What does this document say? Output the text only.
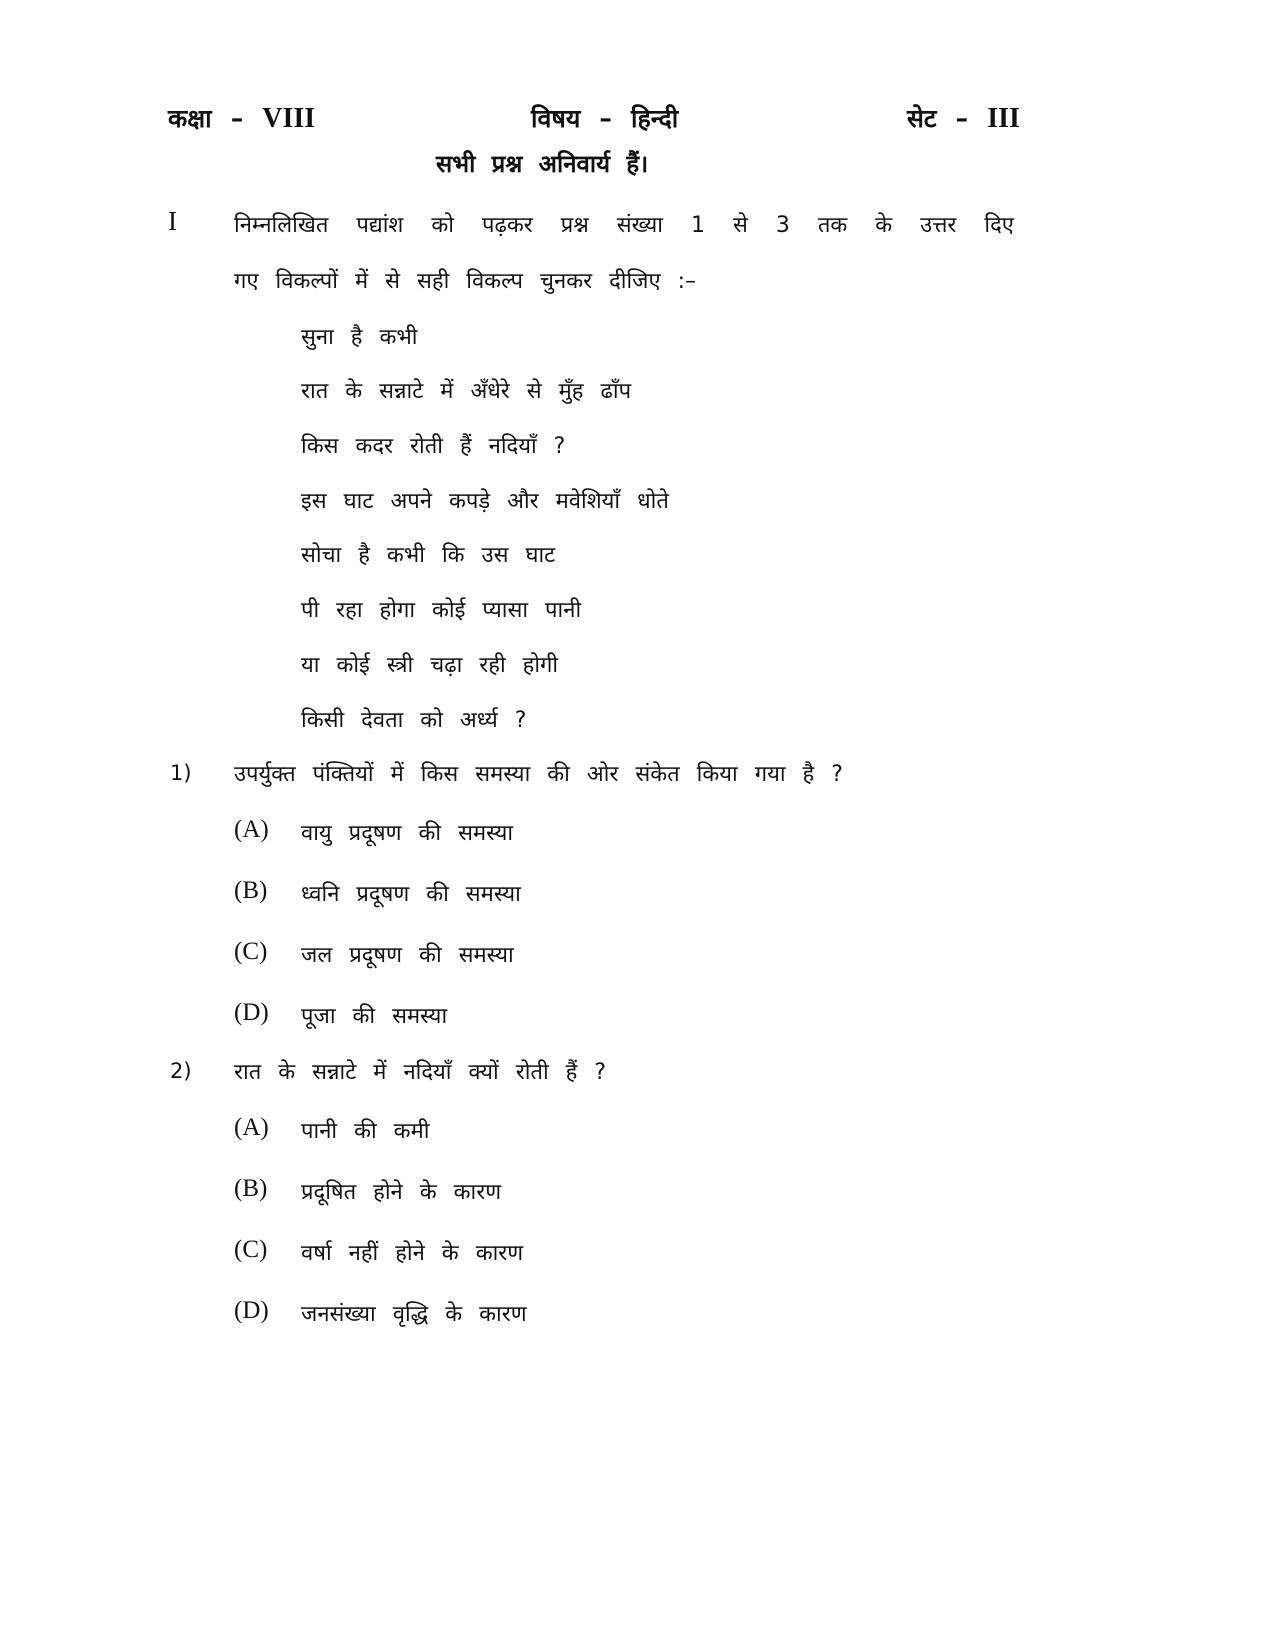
कक्षा – VIII	विषय – हिन्दी	सेट – III
सभी प्रश्न अनिवार्य हैं।
I	निम्नलिखित पद्यांश को पढ़कर प्रश्न संख्या 1 से 3 तक के उत्तर दिए
गए विकल्पों में से सही विकल्प चुनकर दीजिए :–
सुना है कभी
रात के सन्नाटे में अँधेरे से मुँह ढाँप
किस कदर रोती हैं नदियाँ ?
इस घाट अपने कपड़े और मवेशियाँ धोते
सोचा है कभी कि उस घाट
पी रहा होगा कोई प्यासा पानी
या कोई स्त्री चढ़ा रही होगी
किसी देवता को अर्ध्य ?
1) उपर्युक्त पंक्तियों में किस समस्या की ओर संकेत किया गया है ?
(A) वायु प्रदूषण की समस्या
(B) ध्वनि प्रदूषण की समस्या
(C) जल प्रदूषण की समस्या
(D) पूजा की समस्या
2) रात के सन्नाटे में नदियाँ क्यों रोती हैं ?
(A) पानी की कमी
(B) प्रदूषित होने के कारण
(C) वर्षा नहीं होने के कारण
(D) जनसंख्या वृद्धि के कारण
